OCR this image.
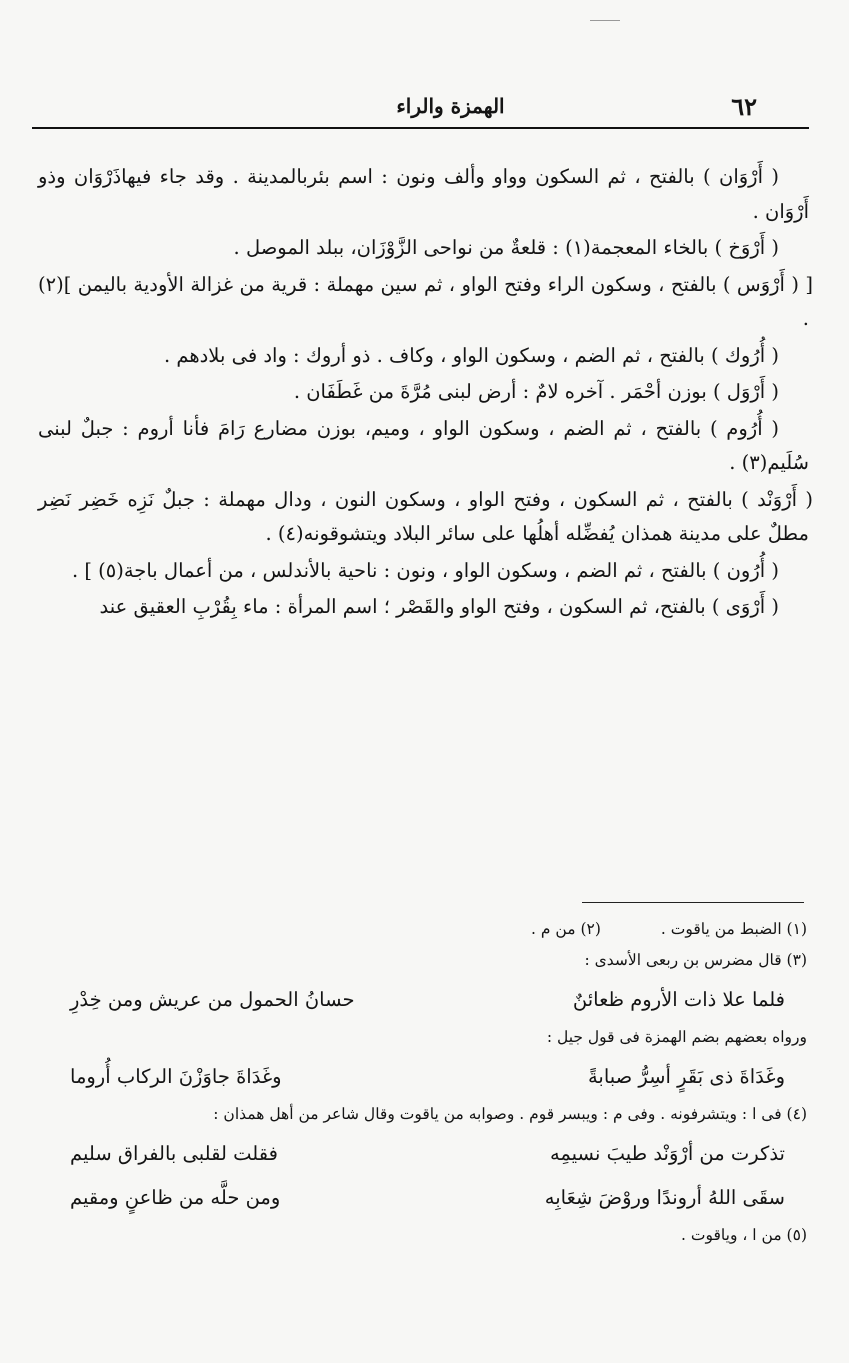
٦٢
الهمزة والراء

( أَرْوَان ) بالفتح ، ثم السكون وواو وألف ونون : اسم بئربالمدينة . وقد جاء فيهاذَرْوَان وذو أَرْوَان .

( أَرْوَخ ) بالخاء المعجمة(١) : قلعةٌ من نواحى الزَّوْزَان، ببلد الموصل .

[ ( أَرْوَس ) بالفتح ، وسكون الراء وفتح الواو ، ثم سين مهملة : قرية من غزالة الأودية باليمن ](٢) .

( أُرُوك ) بالفتح ، ثم الضم ، وسكون الواو ، وكاف . ذو أروك : واد فى بلادهم .

( أَرْوَل ) بوزن أحْمَر . آخره لامٌ : أرض لبنى مُرَّةَ من غَطَفَان .

( أُرُوم ) بالفتح ، ثم الضم ، وسكون الواو ، وميم، بوزن مضارع رَامَ فأنا أروم : جبلٌ لبنى سُلَيم(٣) .

( أَرْوَنْد ) بالفتح ، ثم السكون ، وفتح الواو ، وسكون النون ، ودال مهملة : جبلٌ نَزِه خَضِر نَضِر مطلٌ على مدينة همذان يُفضِّله أهلُها على سائر البلاد ويتشوقونه(٤) .

( أُرُون ) بالفتح ، ثم الضم ، وسكون الواو ، ونون : ناحية بالأندلس ، من أعمال باجة(٥) ] .

( أَرْوَى ) بالفتح، ثم السكون ، وفتح الواو والقَصْر ؛ اسم المرأة : ماء بِقُرْبِ العقيق عند

(١) الضبط من ياقوت .(٢) من م .

(٣) قال مضرس بن ربعى الأسدى :

فلما علا ذات الأروم ظعائنٌ
حسانُ الحمول من عريش ومن خِدْرِ

ورواه بعضهم بضم الهمزة فى قول جيل :

وغَدَاةَ ذى بَقَرٍ أسِرُّ صبابةً
وغَدَاةَ جاوَزْنَ الركاب أُروما

(٤) فى ا : ويتشرفونه . وفى م : ويبسر قوم . وصوابه من ياقوت وقال شاعر من أهل همذان :

تذكرت من أرْوَنْد طيبَ نسيمِه
فقلت لقلبى بالفراق سليم
سقَى اللهُ أروندًا وروْضَ شِعَابِه
ومن حلَّه من ظاعنٍ ومقيم

(٥) من ا ، وياقوت .
